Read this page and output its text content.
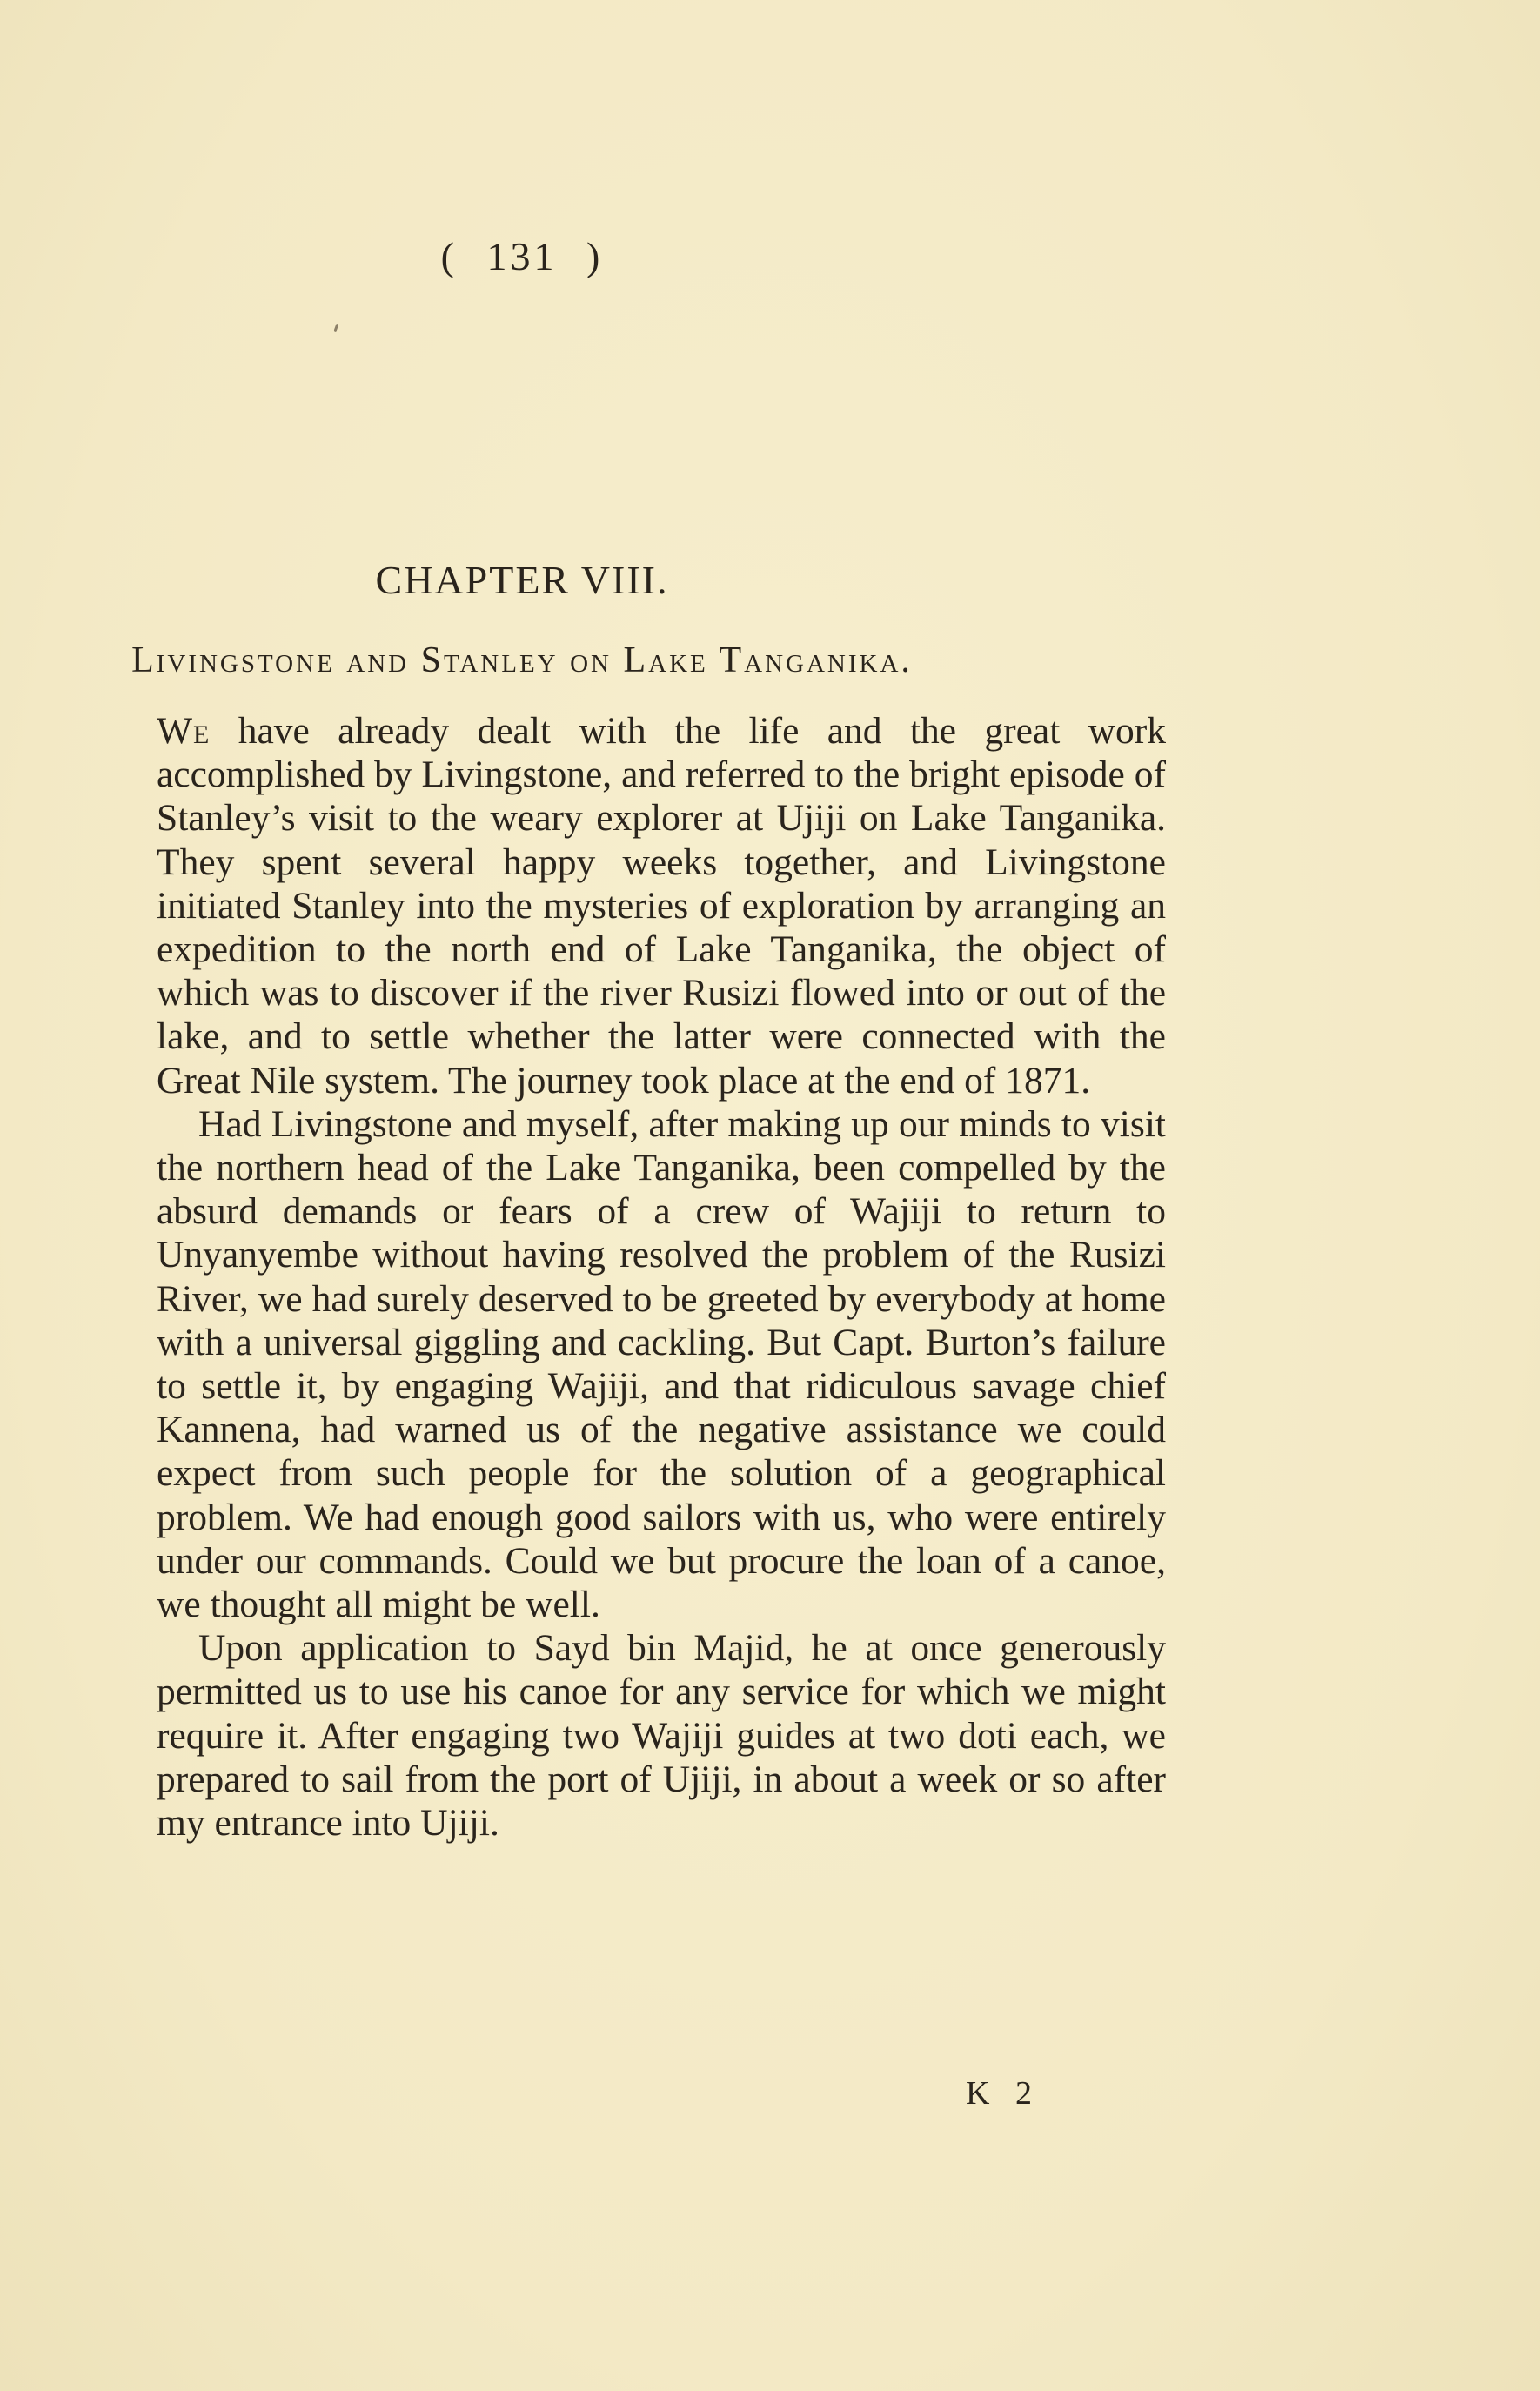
( 131 )
CHAPTER VIII.
Livingstone and Stanley on Lake Tanganika.

We have already dealt with the life and the great work accomplished by Livingstone, and referred to the bright episode of Stanley’s visit to the weary explorer at Ujiji on Lake Tanganika. They spent several happy weeks together, and Livingstone initiated Stanley into the mysteries of exploration by arranging an expedition to the north end of Lake Tanganika, the object of which was to discover if the river Rusizi flowed into or out of the lake, and to settle whether the latter were connected with the Great Nile system. The journey took place at the end of 1871.

Had Livingstone and myself, after making up our minds to visit the northern head of the Lake Tanganika, been compelled by the absurd demands or fears of a crew of Wajiji to return to Unyanyembe without having resolved the problem of the Rusizi River, we had surely deserved to be greeted by everybody at home with a universal giggling and cackling. But Capt. Burton’s failure to settle it, by engaging Wajiji, and that ridiculous savage chief Kannena, had warned us of the negative assistance we could expect from such people for the solution of a geographical problem. We had enough good sailors with us, who were entirely under our commands. Could we but procure the loan of a canoe, we thought all might be well.

Upon application to Sayd bin Majid, he at once generously permitted us to use his canoe for any service for which we might require it. After engaging two Wajiji guides at two doti each, we prepared to sail from the port of Ujiji, in about a week or so after my entrance into Ujiji.

K 2
